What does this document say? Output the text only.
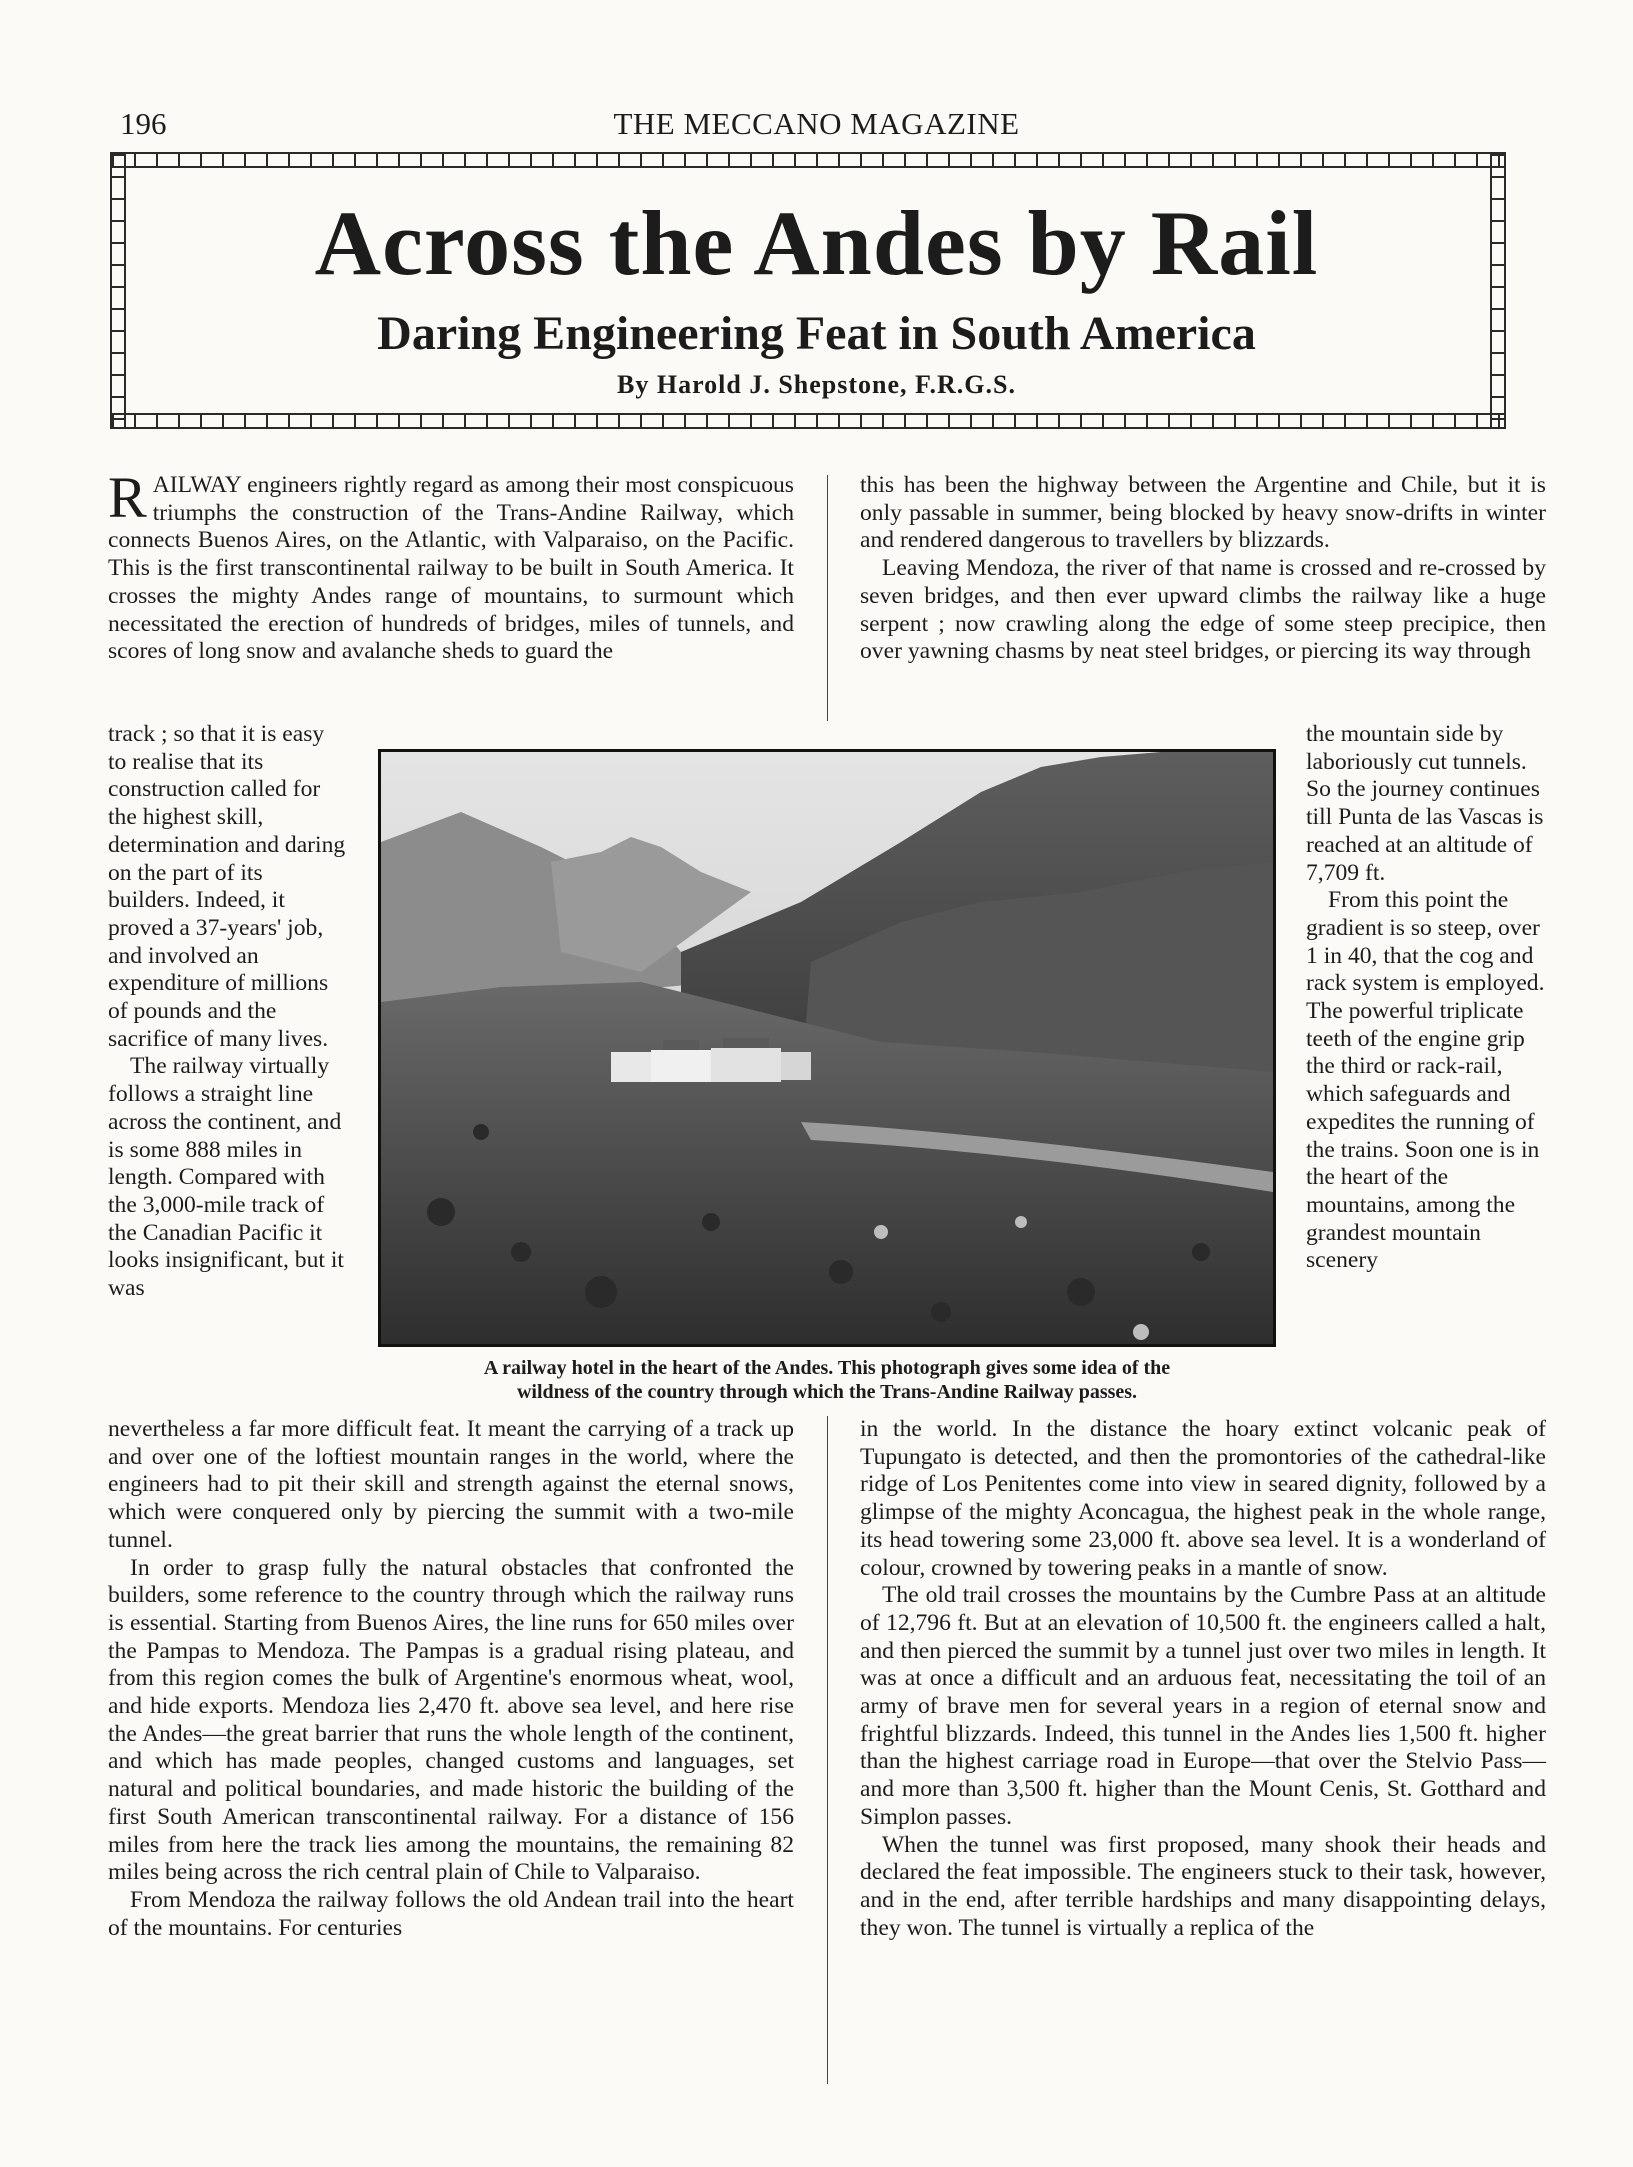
196	THE MECCANO MAGAZINE
Across the Andes by Rail
Daring Engineering Feat in South America
By Harold J. Shepstone, F.R.G.S.

RAILWAY engineers rightly regard as among their most conspicuous triumphs the construction of the Trans-Andine Railway, which connects Buenos Aires, on the Atlantic, with Valparaiso, on the Pacific. This is the first transcontinental railway to be built in South America. It crosses the mighty Andes range of mountains, to surmount which necessitated the erection of hundreds of bridges, miles of tunnels, and scores of long snow and avalanche sheds to guard the

track ; so that it is easy to realise that its construction called for the highest skill, determination and daring on the part of its builders. Indeed, it proved a 37-years' job, and involved an expenditure of millions of pounds and the sacrifice of many lives.

The railway virtually follows a straight line across the continent, and is some 888 miles in length. Compared with the 3,000-mile track of the Canadian Pacific it looks insignificant, but it was

A railway hotel in the heart of the Andes. This photograph gives some idea of the
wildness of the country through which the Trans-Andine Railway passes.

nevertheless a far more difficult feat. It meant the carrying of a track up and over one of the loftiest mountain ranges in the world, where the engineers had to pit their skill and strength against the eternal snows, which were conquered only by piercing the summit with a two-mile tunnel.

In order to grasp fully the natural obstacles that confronted the builders, some reference to the country through which the railway runs is essential. Starting from Buenos Aires, the line runs for 650 miles over the Pampas to Mendoza. The Pampas is a gradual rising plateau, and from this region comes the bulk of Argentine's enormous wheat, wool, and hide exports. Mendoza lies 2,470 ft. above sea level, and here rise the Andes—the great barrier that runs the whole length of the continent, and which has made peoples, changed customs and languages, set natural and political boundaries, and made historic the building of the first South American transcontinental railway. For a distance of 156 miles from here the track lies among the mountains, the remaining 82 miles being across the rich central plain of Chile to Valparaiso.

From Mendoza the railway follows the old Andean trail into the heart of the mountains. For centuries

this has been the highway between the Argentine and Chile, but it is only passable in summer, being blocked by heavy snow-drifts in winter and rendered dangerous to travellers by blizzards.

Leaving Mendoza, the river of that name is crossed and re-crossed by seven bridges, and then ever upward climbs the railway like a huge serpent ; now crawling along the edge of some steep precipice, then over yawning chasms by neat steel bridges, or piercing its way through

the mountain side by laboriously cut tunnels. So the journey continues till Punta de las Vascas is reached at an altitude of 7,709 ft.

From this point the gradient is so steep, over 1 in 40, that the cog and rack system is employed. The powerful triplicate teeth of the engine grip the third or rack-rail, which safeguards and expedites the running of the trains. Soon one is in the heart of the mountains, among the grandest mountain scenery

in the world. In the distance the hoary extinct volcanic peak of Tupungato is detected, and then the promontories of the cathedral-like ridge of Los Penitentes come into view in seared dignity, followed by a glimpse of the mighty Aconcagua, the highest peak in the whole range, its head towering some 23,000 ft. above sea level. It is a wonderland of colour, crowned by towering peaks in a mantle of snow.

The old trail crosses the mountains by the Cumbre Pass at an altitude of 12,796 ft. But at an elevation of 10,500 ft. the engineers called a halt, and then pierced the summit by a tunnel just over two miles in length. It was at once a difficult and an arduous feat, necessitating the toil of an army of brave men for several years in a region of eternal snow and frightful blizzards. Indeed, this tunnel in the Andes lies 1,500 ft. higher than the highest carriage road in Europe—that over the Stelvio Pass—and more than 3,500 ft. higher than the Mount Cenis, St. Gotthard and Simplon passes.

When the tunnel was first proposed, many shook their heads and declared the feat impossible. The engineers stuck to their task, however, and in the end, after terrible hardships and many disappointing delays, they won. The tunnel is virtually a replica of the
